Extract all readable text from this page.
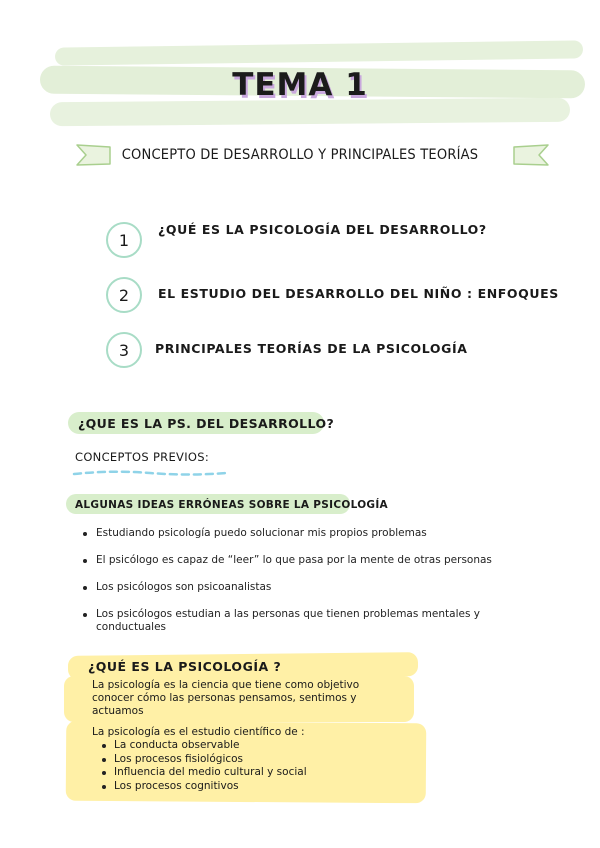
TEMA 1
CONCEPTO DE DESARROLLO Y PRINCIPALES TEORÍAS
1
¿QUÉ ES LA PSICOLOGÍA DEL DESARROLLO?
2	EL ESTUDIO DEL DESARROLLO DEL NIÑO : ENFOQUES
3	PRINCIPALES TEORÍAS DE LA PSICOLOGÍA
¿QUE ES LA PS. DEL DESARROLLO?
CONCEPTOS PREVIOS:
ALGUNAS IDEAS ERRÓNEAS SOBRE LA PSICOLOGÍA
Estudiando psicología puedo solucionar mis propios problemas
El psicólogo es capaz de “leer” lo que pasa por la mente de otras personas
Los psicólogos son psicoanalistas
Los psicólogos estudian a las personas que tienen problemas mentales y conductuales
¿QUÉ ES LA PSICOLOGÍA ?
La psicología es la ciencia que tiene como objetivo conocer cómo las personas pensamos, sentimos y actuamos
La psicología es el estudio científico de :
La conducta observable
Los procesos fisiológicos
Influencia del medio cultural y social
Los procesos cognitivos
